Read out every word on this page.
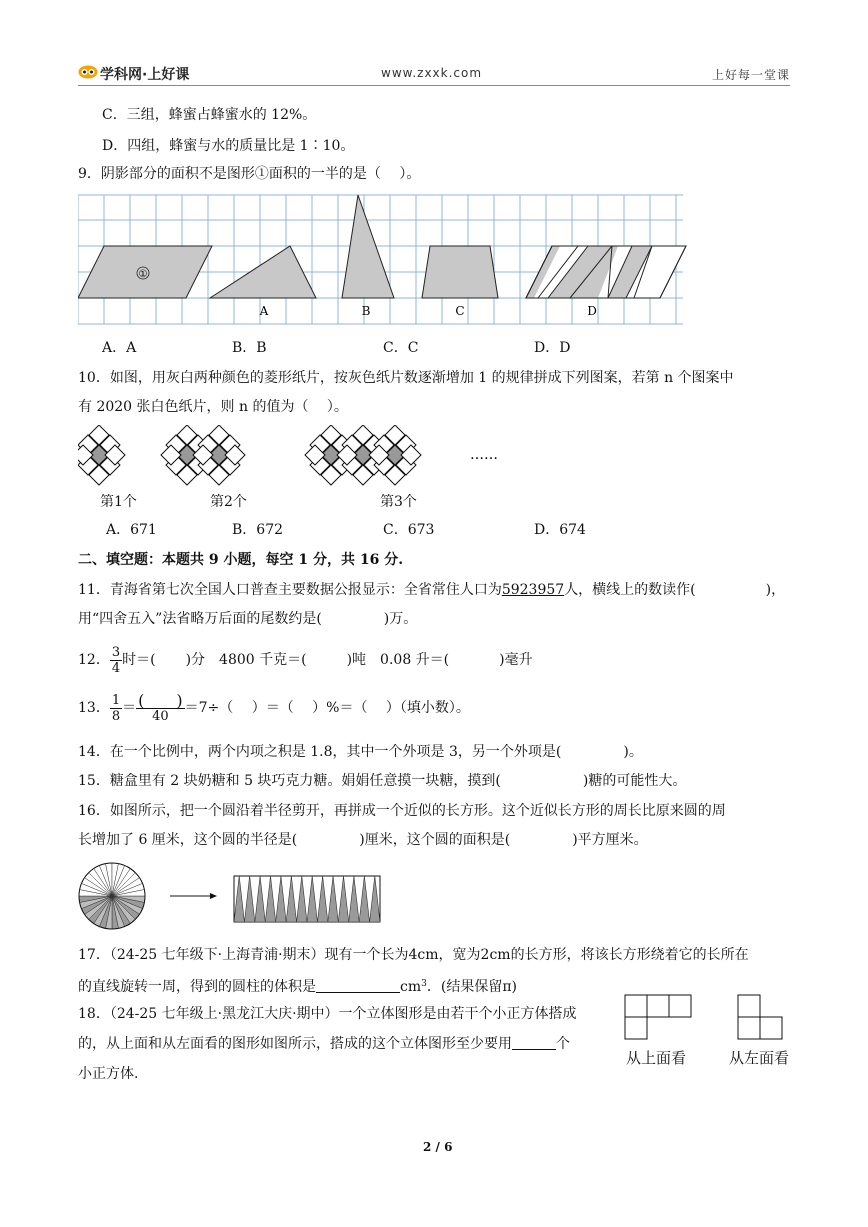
学科网·上好课	www.zxxk.com	上好每一堂课
C．三组，蜂蜜占蜂蜜水的 12%。
D．四组，蜂蜜与水的质量比是 1∶10。
9．阴影部分的面积不是图形①面积的一半的是（　 ）。
①
A	B	C	D
A．A	B．B	C．C	D．D
10．如图，用灰白两种颜色的菱形纸片，按灰色纸片数逐渐增加 1 的规律拼成下列图案，若第 n 个图案中
有 2020 张白色纸片，则 n 的值为（　 ）。
……
第1个	第2个	第3个
A．671	B．672	C．673	D．674
二、填空题：本题共 9 小题，每空 1 分，共 16 分.
11．青海省第七次全国人口普查主要数据公报显示：全省常住人口为5923957人，横线上的数读作(	)，
用“四舍五入”法省略万后面的尾数约是(	)万。
12． $\frac{3}{4}$ 时＝( )分　4800 千克＝(	)吨　0.08 升＝(	)毫升
13． $\frac{1}{8} = \frac{( )}{40} =7\div$（　 ）＝（　 ）%＝（　 ）（填小数）。
14．在一个比例中，两个内项之积是 1.8，其中一个外项是 3，另一个外项是(	)。
15．糖盒里有 2 块奶糖和 5 块巧克力糖。娟娟任意摸一块糖，摸到(	)糖的可能性大。
16．如图所示，把一个圆沿着半径剪开，再拼成一个近似的长方形。这个近似长方形的周长比原来圆的周
长增加了 6 厘米，这个圆的半径是(	)厘米，这个圆的面积是(	)平方厘米。
17．（24-25 七年级下·上海青浦·期末）现有一个长为4cm，宽为2cm的长方形，将该长方形绕着它的长所在
的直线旋转一周，得到的圆柱的体积是	$cm^3$．(结果保留π)
18．（24-25 七年级上·黑龙江大庆·期中）一个立体图形是由若干个小正方体搭成
的，从上面和从左面看的图形如图所示，搭成的这个立体图形至少要用	个
小正方体.
从上面看	从左面看
2 / 6
